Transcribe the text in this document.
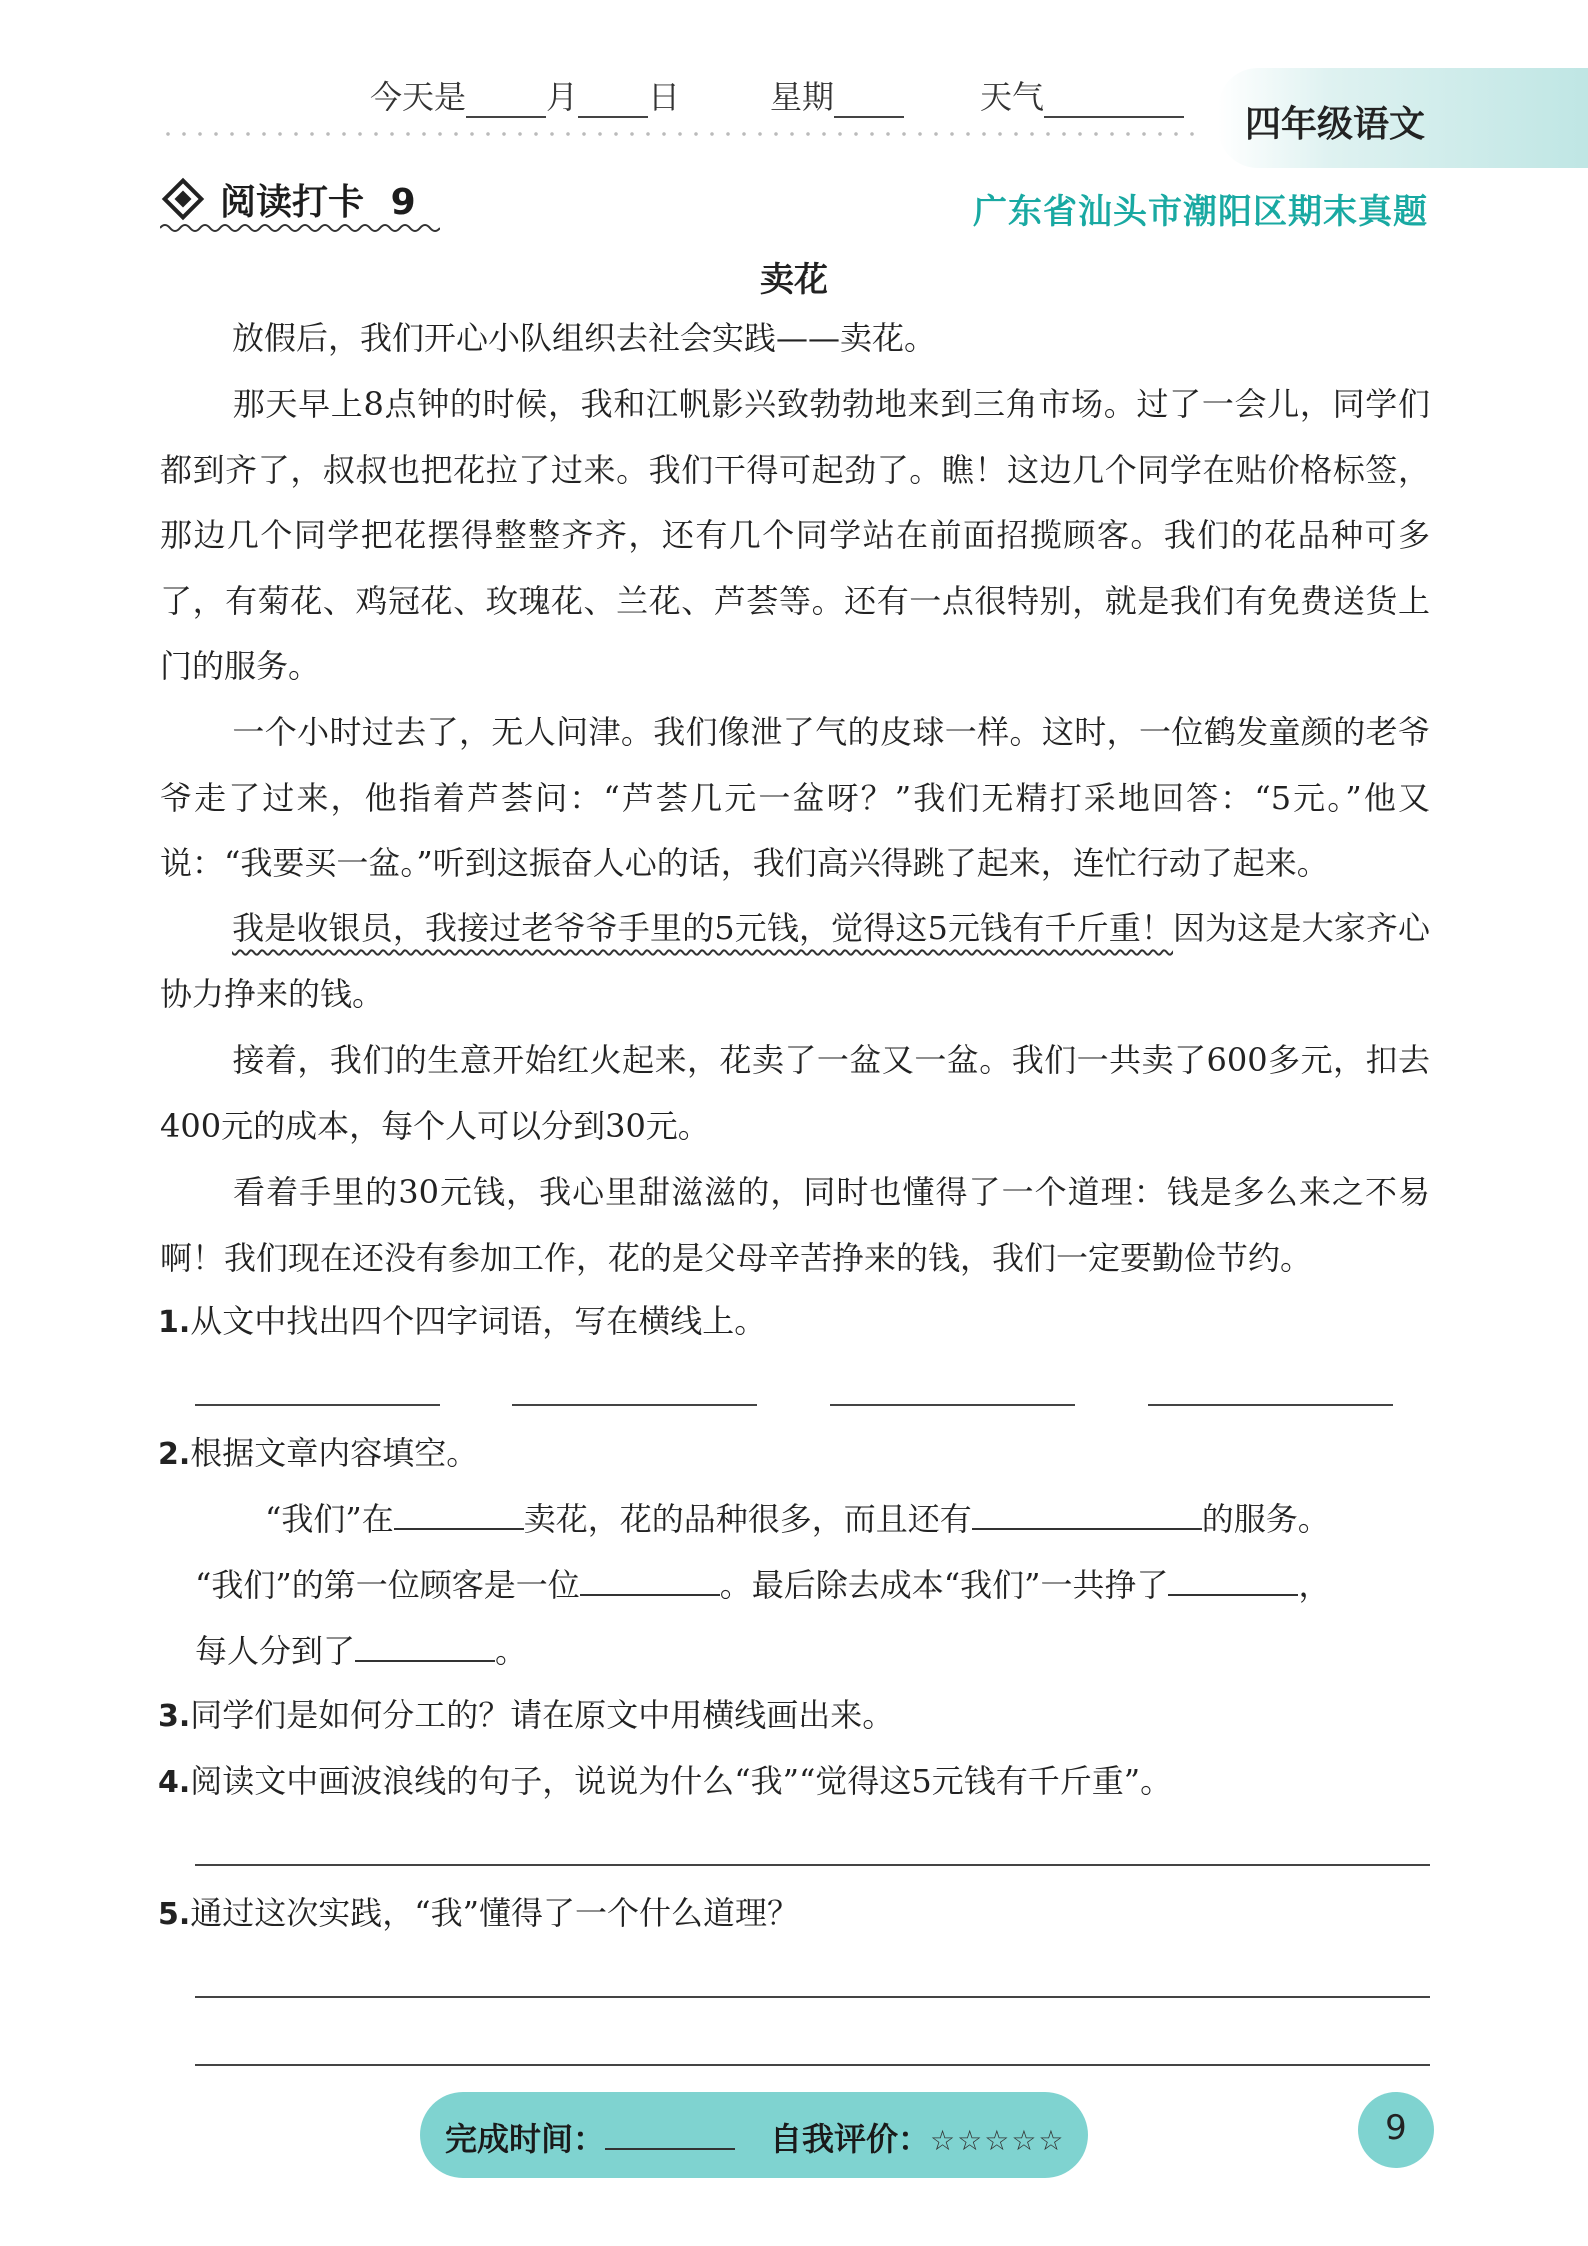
今天是	月 日	星期	天气
四年级语文
阅读打卡 9	广东省汕头市潮阳区期末真题
卖花
放假后，我们开心小队组织去社会实践——卖花。
那天早上8点钟的时候，我和江帆影兴致勃勃地来到三角市场。过了一会儿，同学们都到齐了，叔叔也把花拉了过来。我们干得可起劲了。瞧！这边几个同学在贴价格标签，那边几个同学把花摆得整整齐齐，还有几个同学站在前面招揽顾客。我们的花品种可多了，有菊花、鸡冠花、玫瑰花、兰花、芦荟等。还有一点很特别，就是我们有免费送货上门的服务。
一个小时过去了，无人问津。我们像泄了气的皮球一样。这时，一位鹤发童颜的老爷爷走了过来，他指着芦荟问：“芦荟几元一盆呀？”我们无精打采地回答：“5元。”他又说：“我要买一盆。”听到这振奋人心的话，我们高兴得跳了起来，连忙行动了起来。
我是收银员，我接过老爷爷手里的5元钱，觉得这5元钱有千斤重！因为这是大家齐心协力挣来的钱。
接着，我们的生意开始红火起来，花卖了一盆又一盆。我们一共卖了600多元，扣去400元的成本，每个人可以分到30元。
看着手里的30元钱，我心里甜滋滋的，同时也懂得了一个道理：钱是多么来之不易啊！我们现在还没有参加工作，花的是父母辛苦挣来的钱，我们一定要勤俭节约。
1.从文中找出四个四字词语，写在横线上。
2.根据文章内容填空。
“我们”在	卖花，花的品种很多，而且还有	的服务。
“我们”的第一位顾客是一位	。最后除去成本“我们”一共挣了	，
每人分到了	。
3.同学们是如何分工的？请在原文中用横线画出来。
4.阅读文中画波浪线的句子，说说为什么“我”“觉得这5元钱有千斤重”。
5.通过这次实践，“我”懂得了一个什么道理？
完成时间：	自我评价：☆☆☆☆☆	9
